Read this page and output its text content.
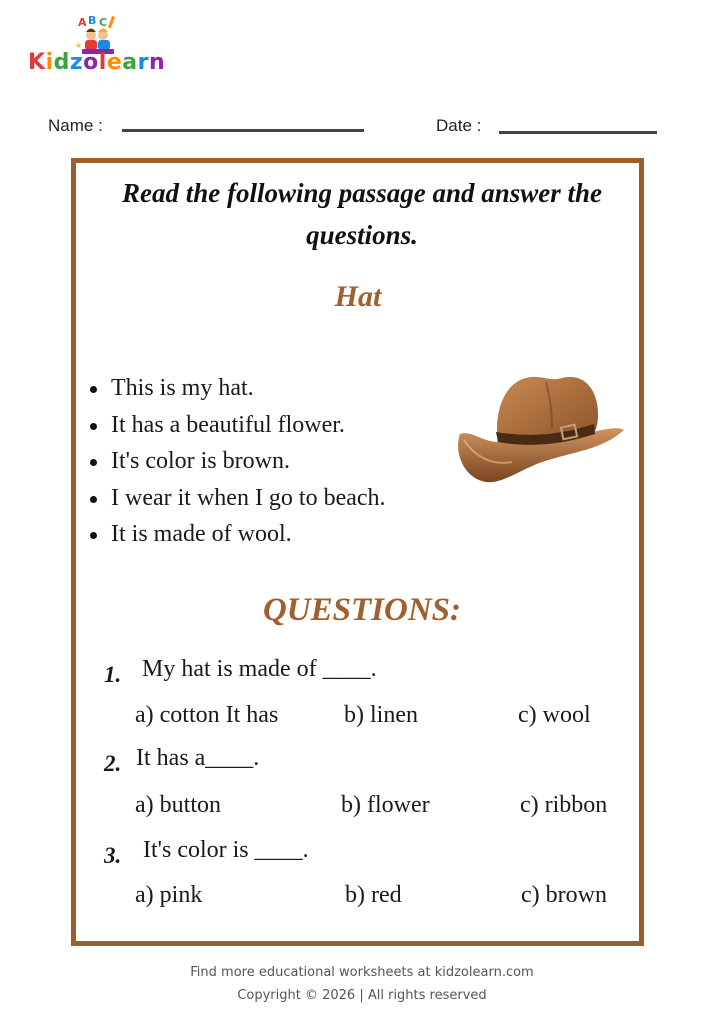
A B C
★
Kidzolearn
Name :	Date :
Read the following passage and answer the questions.
Hat
This is my hat.
It has a beautiful flower.
It's color is brown.
I wear it when I go to beach.
It is made of wool.
QUESTIONS:
1. My hat is made of ____.
a) cotton It has	b) linen	c) wool
2. It has a____.
a) button	b) flower	c) ribbon
3. It's color is ____.
a) pink	b) red	c) brown
Find more educational worksheets at kidzolearn.com
Copyright © 2026 | All rights reserved
